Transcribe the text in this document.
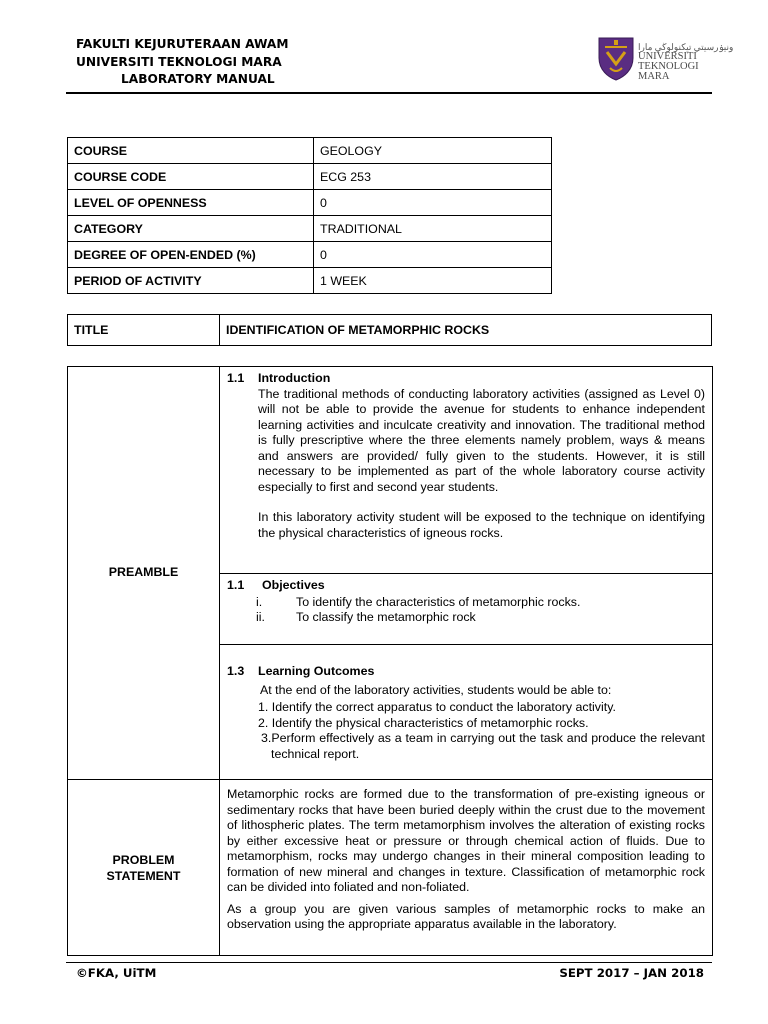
FAKULTI KEJURUTERAAN AWAM
UNIVERSITI TEKNOLOGI MARA
LABORATORY MANUAL
ونيۏرسيتي تيكنولوڬي مارا
UNIVERSITI
TEKNOLOGI
MARA
COURSE	GEOLOGY
COURSE CODE	ECG 253
LEVEL OF OPENNESS	0
CATEGORY	TRADITIONAL
DEGREE OF OPEN-ENDED (%)	0
PERIOD OF ACTIVITY	1 WEEK
TITLE	IDENTIFICATION OF METAMORPHIC ROCKS
PREAMBLE
1.1 Introduction
The traditional methods of conducting laboratory activities (assigned as Level 0) will not be able to provide the avenue for students to enhance independent learning activities and inculcate creativity and innovation. The traditional method is fully prescriptive where the three elements namely problem, ways & means and answers are provided/ fully given to the students. However, it is still necessary to be implemented as part of the whole laboratory course activity especially to first and second year students.
In this laboratory activity student will be exposed to the technique on identifying the physical characteristics of igneous rocks.
1.1 Objectives
i.	To identify the characteristics of metamorphic rocks.
ii.	To classify the metamorphic rock
1.3 Learning Outcomes
At the end of the laboratory activities, students would be able to:
1. Identify the correct apparatus to conduct the laboratory activity.
2. Identify the physical characteristics of metamorphic rocks.
3.Perform effectively as a team in carrying out the task and produce the relevant technical report.
PROBLEM
STATEMENT
Metamorphic rocks are formed due to the transformation of pre-existing igneous or sedimentary rocks that have been buried deeply within the crust due to the movement of lithospheric plates. The term metamorphism involves the alteration of existing rocks by either excessive heat or pressure or through chemical action of fluids. Due to metamorphism, rocks may undergo changes in their mineral composition leading to formation of new mineral and changes in texture. Classification of metamorphic rock can be divided into foliated and non-foliated.
As a group you are given various samples of metamorphic rocks to make an observation using the appropriate apparatus available in the laboratory.
©FKA, UiTM	SEPT 2017 – JAN 2018
